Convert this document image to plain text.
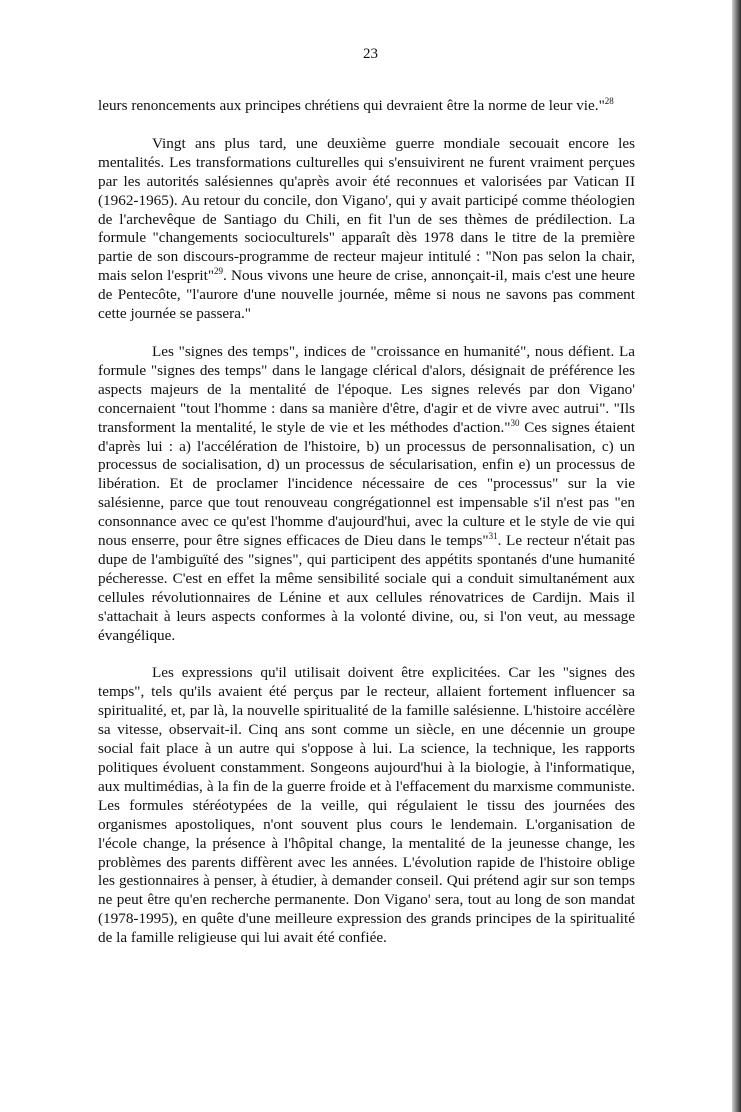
23

leurs renoncements aux principes chrétiens qui devraient être la norme de leur vie."$^{28}$

Vingt ans plus tard, une deuxième guerre mondiale secouait encore les mentalités. Les transformations culturelles qui s'ensuivirent ne furent vraiment perçues par les autorités salésiennes qu'après avoir été reconnues et valorisées par Vatican II (1962-1965). Au retour du concile, don Vigano', qui y avait participé comme théologien de l'archevêque de Santiago du Chili, en fit l'un de ses thèmes de prédilection. La formule "changements socioculturels" apparaît dès 1978 dans le titre de la première partie de son discours-programme de recteur majeur intitulé : "Non pas selon la chair, mais selon l'esprit"$^{29}$. Nous vivons une heure de crise, annonçait-il, mais c'est une heure de Pentecôte, "l'aurore d'une nouvelle journée, même si nous ne savons pas comment cette journée se passera."

Les "signes des temps", indices de "croissance en humanité", nous défient. La formule "signes des temps" dans le langage clérical d'alors, désignait de préférence les aspects majeurs de la mentalité de l'époque. Les signes relevés par don Vigano' concernaient "tout l'homme : dans sa manière d'être, d'agir et de vivre avec autrui". "Ils transforment la mentalité, le style de vie et les méthodes d'action."$^{30}$ Ces signes étaient d'après lui : a) l'accélération de l'histoire, b) un processus de personnalisation, c) un processus de socialisation, d) un processus de sécularisation, enfin e) un processus de libération. Et de proclamer l'incidence nécessaire de ces "processus" sur la vie salésienne, parce que tout renouveau congrégationnel est impensable s'il n'est pas "en consonnance avec ce qu'est l'homme d'aujourd'hui, avec la culture et le style de vie qui nous enserre, pour être signes efficaces de Dieu dans le temps"$^{31}$. Le recteur n'était pas dupe de l'ambiguïté des "signes", qui participent des appétits spontanés d'une humanité pécheresse. C'est en effet la même sensibilité sociale qui a conduit simultanément aux cellules révolutionnaires de Lénine et aux cellules rénovatrices de Cardijn. Mais il s'attachait à leurs aspects conformes à la volonté divine, ou, si l'on veut, au message évangélique.

Les expressions qu'il utilisait doivent être explicitées. Car les "signes des temps", tels qu'ils avaient été perçus par le recteur, allaient fortement influencer sa spiritualité, et, par là, la nouvelle spiritualité de la famille salésienne. L'histoire accélère sa vitesse, observait-il. Cinq ans sont comme un siècle, en une décennie un groupe social fait place à un autre qui s'oppose à lui. La science, la technique, les rapports politiques évoluent constamment. Songeons aujourd'hui à la biologie, à l'informatique, aux multimédias, à la fin de la guerre froide et à l'effacement du marxisme communiste. Les formules stéréotypées de la veille, qui régulaient le tissu des journées des organismes apostoliques, n'ont souvent plus cours le lendemain. L'organisation de l'école change, la présence à l'hôpital change, la mentalité de la jeunesse change, les problèmes des parents diffèrent avec les années. L'évolution rapide de l'histoire oblige les gestionnaires à penser, à étudier, à demander conseil. Qui prétend agir sur son temps ne peut être qu'en recherche permanente. Don Vigano' sera, tout au long de son mandat (1978-1995), en quête d'une meilleure expression des grands principes de la spiritualité de la famille religieuse qui lui avait été confiée.
